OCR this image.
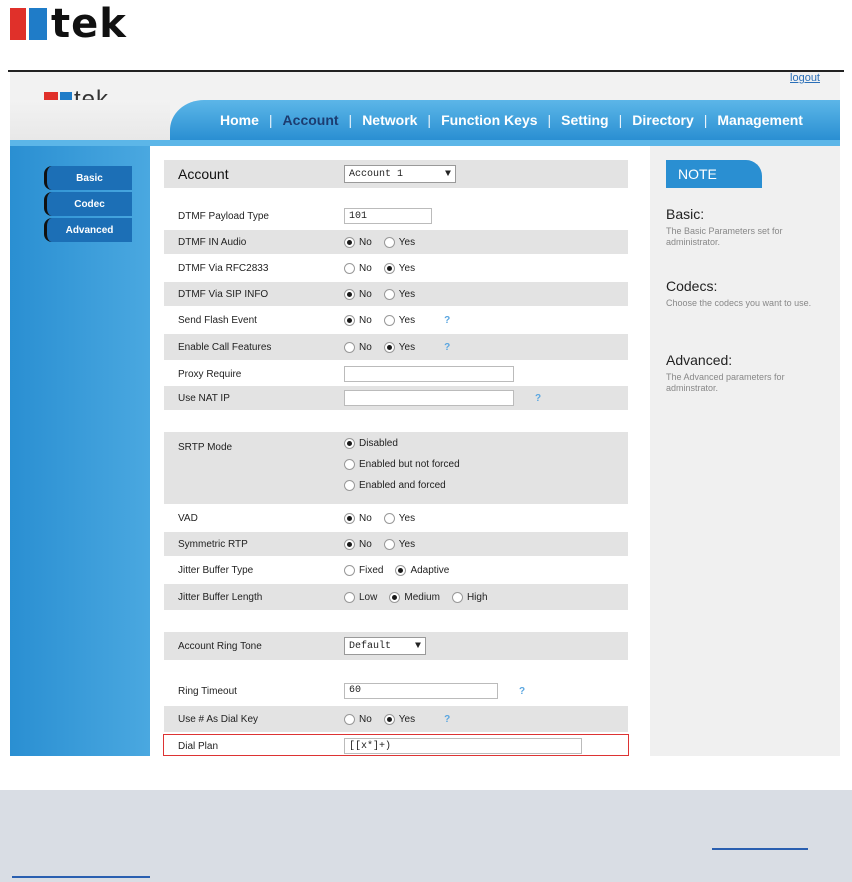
tek
logout
Home | Account | Network | Function Keys | Setting | Directory | Management
Basic
Codec
Advanced
Account	Account 1	▼
DTMF Payload Type	101
DTMF IN Audio	No	Yes
DTMF Via RFC2833	No	Yes
DTMF Via SIP INFO	No	Yes
Send Flash Event	No	Yes	?
Enable Call Features	No	Yes	?
Proxy Require
Use NAT IP	?
SRTP Mode	Disabled
Enabled but not forced
Enabled and forced
VAD	No	Yes
Symmetric RTP	No	Yes
Jitter Buffer Type	Fixed	Adaptive
Jitter Buffer Length	Low	Medium	High
Account Ring Tone	Default ▼
Ring Timeout	60	?
Use # As Dial Key	No	Yes	?
Dial Plan	[[x*]+)
NOTE
Basic:
The Basic Parameters set for administrator.
Codecs:
Choose the codecs you want to use.
Advanced:
The Advanced parameters for adminstrator.
